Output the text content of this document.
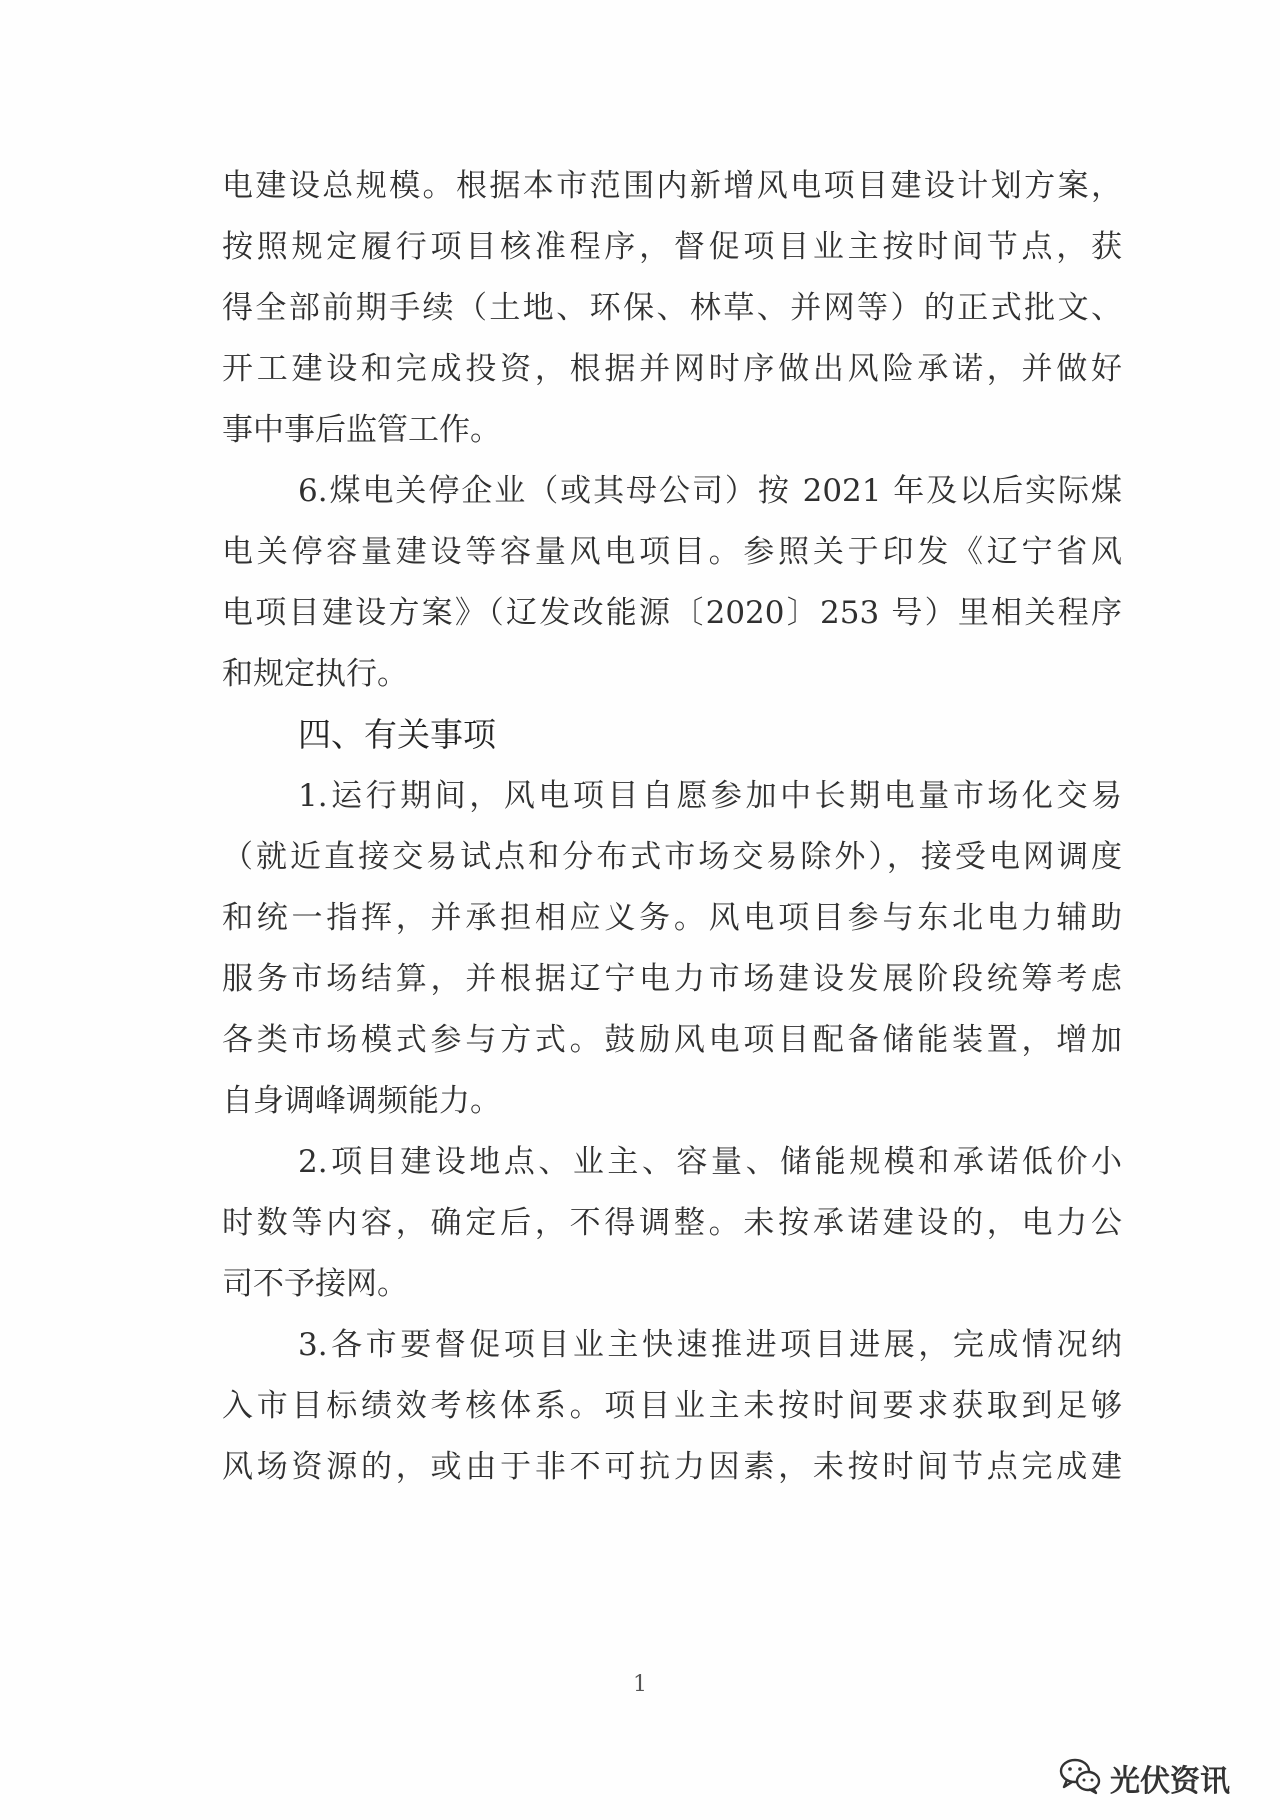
电建设总规模。根据本市范围内新增风电项目建设计划方案，
按照规定履行项目核准程序，督促项目业主按时间节点，获
得全部前期手续（土地、环保、林草、并网等）的正式批文、
开工建设和完成投资，根据并网时序做出风险承诺，并做好
事中事后监管工作。
6.煤电关停企业（或其母公司）按 2021 年及以后实际煤
电关停容量建设等容量风电项目。参照关于印发《辽宁省风
电项目建设方案》（辽发改能源〔2020〕253 号）里相关程序
和规定执行。
四、有关事项
1.运行期间，风电项目自愿参加中长期电量市场化交易
（就近直接交易试点和分布式市场交易除外），接受电网调度
和统一指挥，并承担相应义务。风电项目参与东北电力辅助
服务市场结算，并根据辽宁电力市场建设发展阶段统筹考虑
各类市场模式参与方式。鼓励风电项目配备储能装置，增加
自身调峰调频能力。
2.项目建设地点、业主、容量、储能规模和承诺低价小
时数等内容，确定后，不得调整。未按承诺建设的，电力公
司不予接网。
3.各市要督促项目业主快速推进项目进展，完成情况纳
入市目标绩效考核体系。项目业主未按时间要求获取到足够
风场资源的，或由于非不可抗力因素，未按时间节点完成建
1
光伏资讯
